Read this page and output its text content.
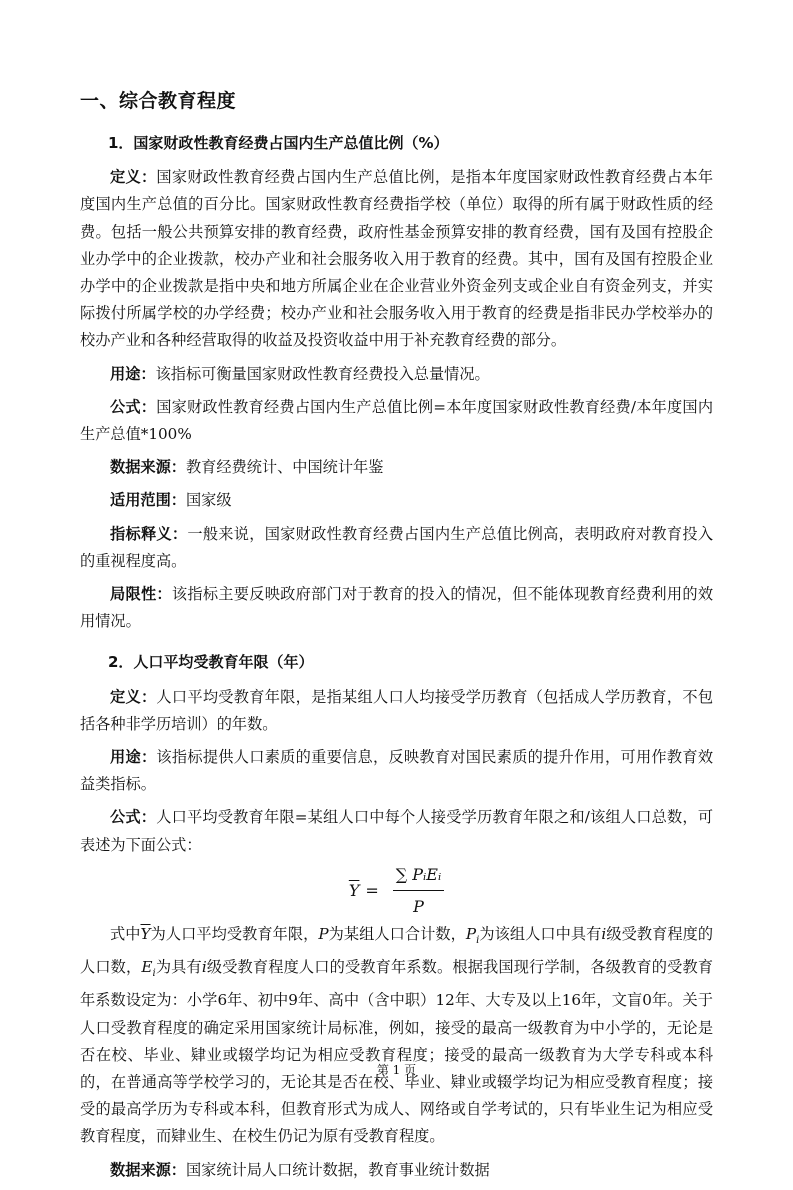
一、综合教育程度
1．国家财政性教育经费占国内生产总值比例（%）
定义：国家财政性教育经费占国内生产总值比例，是指本年度国家财政性教育经费占本年度国内生产总值的百分比。国家财政性教育经费指学校（单位）取得的所有属于财政性质的经费。包括一般公共预算安排的教育经费，政府性基金预算安排的教育经费，国有及国有控股企业办学中的企业拨款，校办产业和社会服务收入用于教育的经费。其中，国有及国有控股企业办学中的企业拨款是指中央和地方所属企业在企业营业外资金列支或企业自有资金列支，并实际拨付所属学校的办学经费；校办产业和社会服务收入用于教育的经费是指非民办学校举办的校办产业和各种经营取得的收益及投资收益中用于补充教育经费的部分。
用途：该指标可衡量国家财政性教育经费投入总量情况。
公式：国家财政性教育经费占国内生产总值比例=本年度国家财政性教育经费/本年度国内生产总值*100%
数据来源：教育经费统计、中国统计年鉴
适用范围：国家级
指标释义：一般来说，国家财政性教育经费占国内生产总值比例高，表明政府对教育投入的重视程度高。
局限性：该指标主要反映政府部门对于教育的投入的情况，但不能体现教育经费利用的效用情况。
2．人口平均受教育年限（年）
定义：人口平均受教育年限，是指某组人口人均接受学历教育（包括成人学历教育，不包括各种非学历培训）的年数。
用途：该指标提供人口素质的重要信息，反映教育对国民素质的提升作用，可用作教育效益类指标。
公式：人口平均受教育年限=某组人口中每个人接受学历教育年限之和/该组人口总数，可表述为下面公式：
$\overline{Y} = \frac{\text{∑ PᵢEᵢ}}{P}$
式中$\overline{Y}$为人口平均受教育年限，P为某组人口合计数，$P_i$为该组人口中具有i级受教育程度的人口数，$E_i$为具有i级受教育程度人口的受教育年系数。根据我国现行学制，各级教育的受教育年系数设定为：小学6年、初中9年、高中（含中职）12年、大专及以上16年，文盲0年。关于人口受教育程度的确定采用国家统计局标准，例如，接受的最高一级教育为中小学的，无论是否在校、毕业、肄业或辍学均记为相应受教育程度；接受的最高一级教育为大学专科或本科的，在普通高等学校学习的，无论其是否在校、毕业、肄业或辍学均记为相应受教育程度；接受的最高学历为专科或本科，但教育形式为成人、网络或自学考试的，只有毕业生记为相应受教育程度，而肄业生、在校生仍记为原有受教育程度。
数据来源：国家统计局人口统计数据，教育事业统计数据
第 1 页
